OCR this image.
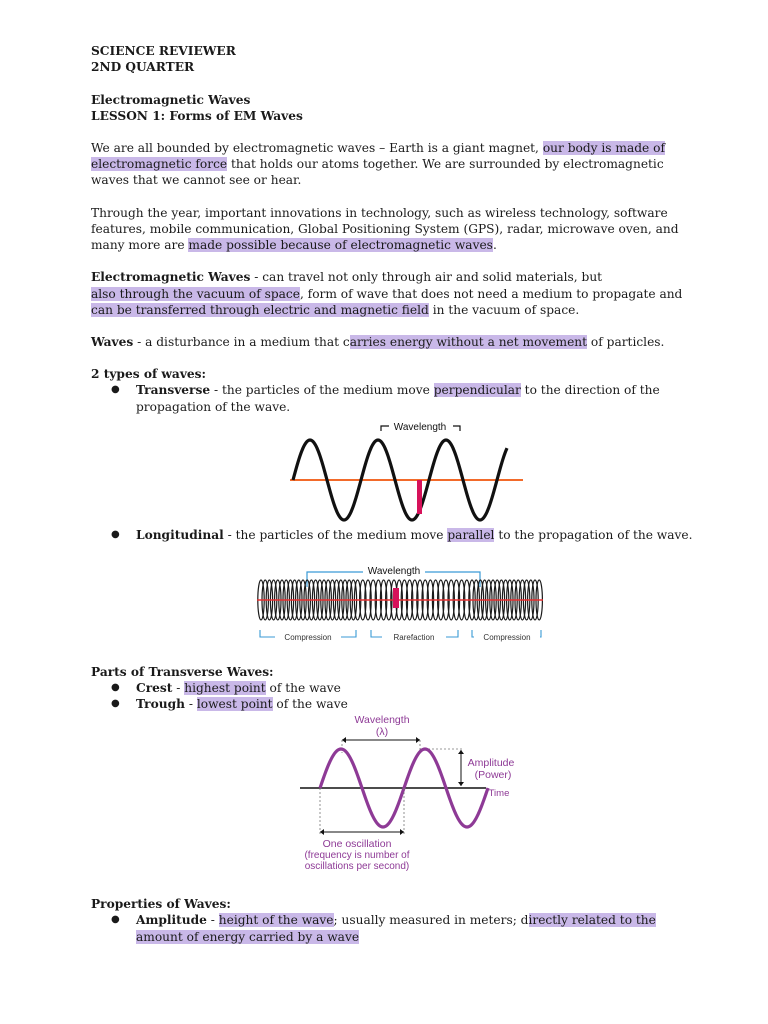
SCIENCE REVIEWER
2ND QUARTER
Electromagnetic Waves
LESSON 1: Forms of EM Waves
We are all bounded by electromagnetic waves – Earth is a giant magnet, our body is made of
electromagnetic force that holds our atoms together. We are surrounded by electromagnetic
waves that we cannot see or hear.
Through the year, important innovations in technology, such as wireless technology, software
features, mobile communication, Global Positioning System (GPS), radar, microwave oven, and
many more are made possible because of electromagnetic waves.
Electromagnetic Waves - can travel not only through air and solid materials, but
also through the vacuum of space, form of wave that does not need a medium to propagate and
can be transferred through electric and magnetic field in the vacuum of space.
Waves - a disturbance in a medium that carries energy without a net movement of particles.
2 types of waves:
● Transverse - the particles of the medium move perpendicular to the direction of the
propagation of the wave.
Wavelength
● Longitudinal - the particles of the medium move parallel to the propagation of the wave.
Wavelength
Compression	Rarefaction	Compression
Parts of Transverse Waves:
● Crest - highest point of the wave
● Trough - lowest point of the wave
Wavelength
(λ)
Amplitude
(Power)
Time
One oscillation
(frequency is number of
oscillations per second)
Properties of Waves:
● Amplitude - height of the wave; usually measured in meters; directly related to the
amount of energy carried by a wave
